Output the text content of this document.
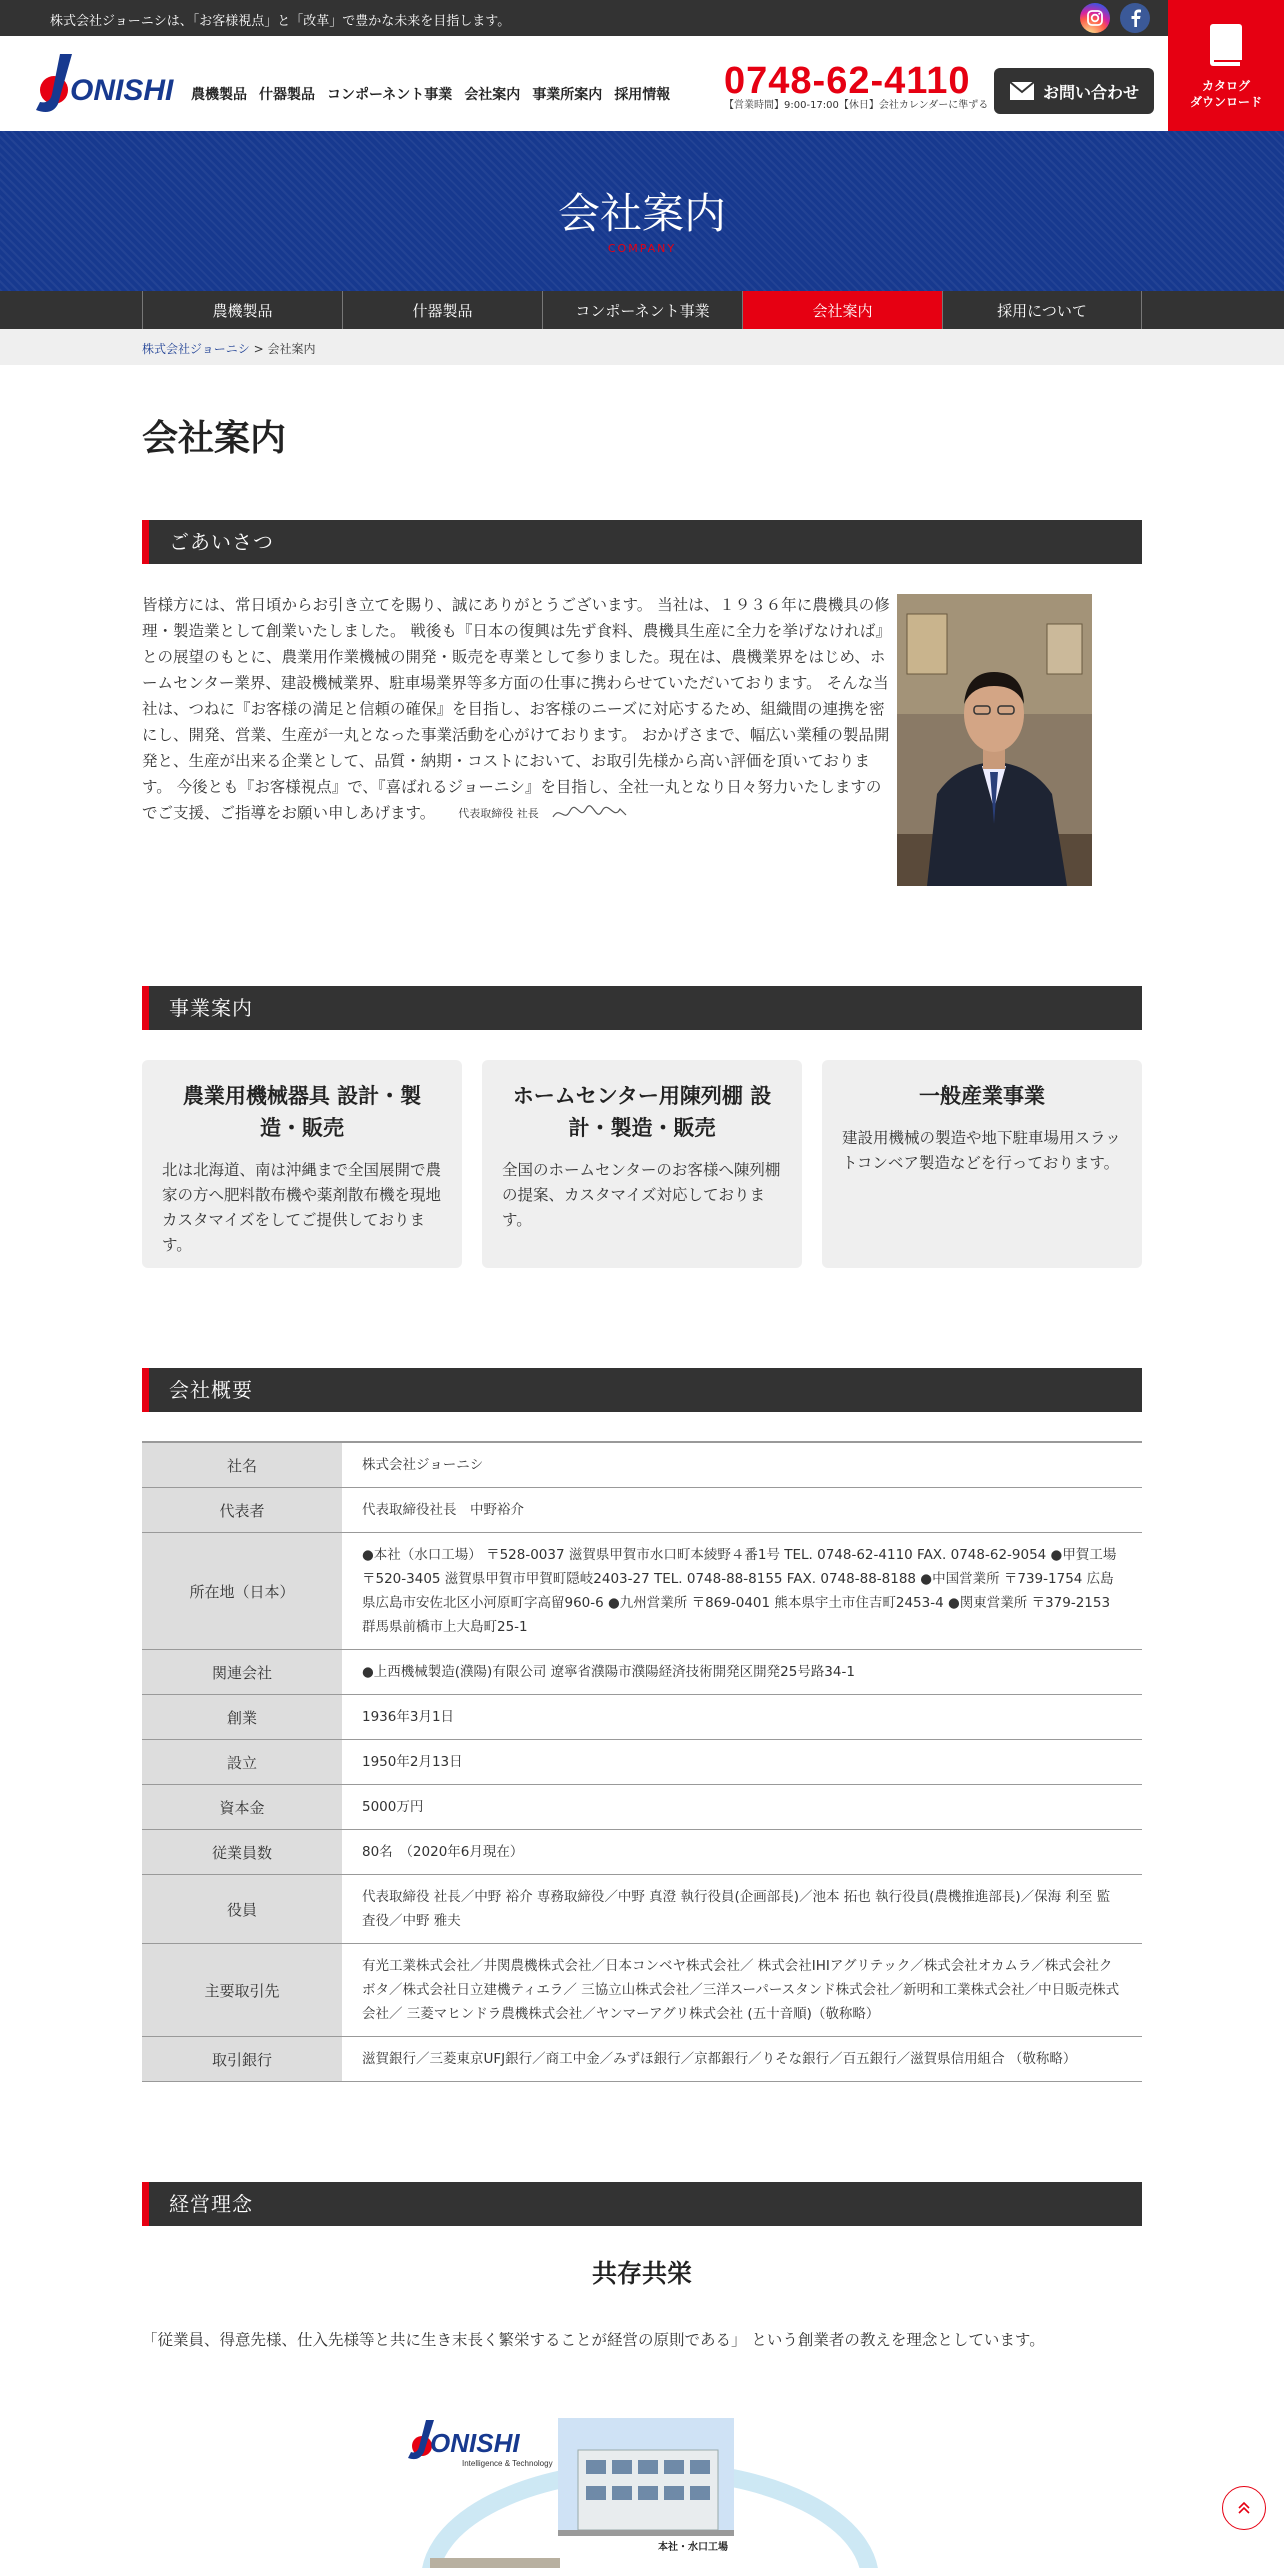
株式会社ジョーニシは、「お客様視点」と「改革」で豊かな未来を目指します。
ONISHI 農機製品 什器製品 コンポーネント事業 会社案内 事業所案内 採用情報 0748-62-4110
【営業時間】9:00-17:00【休日】会社カレンダーに準ずる
お問い合わせ	カタログ
ダウンロード
会社案内
COMPANY
農機製品	什器製品	コンポーネント事業	会社案内	採用について
株式会社ジョーニシ > 会社案内
会社案内
ごあいさつ
皆様方には、常日頃からお引き立てを賜り、誠にありがとうございます。 当社は、１９３６年に農機具の修理・製造業として創業いたしました。 戦後も『日本の復興は先ず食料、農機具生産に全力を挙げなければ』との展望のもとに、農業用作業機械の開発・販売を専業として参りました。現在は、農機業界をはじめ、ホームセンター業界、建設機械業界、駐車場業界等多方面の仕事に携わらせていただいております。 そんな当社は、つねに『お客様の満足と信頼の確保』を目指し、お客様のニーズに対応するため、組織間の連携を密にし、開発、営業、生産が一丸となった事業活動を心がけております。 おかげさまで、幅広い業種の製品開発と、生産が出来る企業として、品質・納期・コストにおいて、お取引先様から高い評価を頂いております。 今後とも『お客様視点』で、『喜ばれるジョーニシ』を目指し、全社一丸となり日々努力いたしますのでご支援、ご指導をお願い申しあげます。 代表取締役 社長
事業案内
農業用機械器具 設計・製造・販売

北は北海道、南は沖縄まで全国展開で農家の方へ肥料散布機や薬剤散布機を現地カスタマイズをしてご提供しております。

ホームセンター用陳列棚 設計・製造・販売

全国のホームセンターのお客様へ陳列棚の提案、カスタマイズ対応しております。

一般産業事業

建設用機械の製造や地下駐車場用スラットコンベア製造などを行っております。

会社概要
社名	株式会社ジョーニシ
代表者	代表取締役社長　中野裕介
所在地（日本）	●本社（水口工場） 〒528-0037 滋賀県甲賀市水口町本綾野４番1号 TEL. 0748-62-4110 FAX. 0748-62-9054 ●甲賀工場 〒520-3405 滋賀県甲賀市甲賀町隠岐2403-27 TEL. 0748-88-8155 FAX. 0748-88-8188 ●中国営業所 〒739-1754 広島県広島市安佐北区小河原町字高留960-6 ●九州営業所 〒869-0401 熊本県宇土市住吉町2453-4 ●関東営業所 〒379-2153 群馬県前橋市上大島町25-1
関連会社	●上西機械製造(濮陽)有限公司 遼寧省濮陽市濮陽経済技術開発区開発25号路34-1
創業	1936年3月1日
設立	1950年2月13日
資本金	5000万円
従業員数	80名　（2020年6月現在）
役員	代表取締役 社長／中野 裕介 専務取締役／中野 真澄 執行役員(企画部長)／池本 拓也 執行役員(農機推進部長)／保海 利至 監査役／中野 雅夫
主要取引先	有光工業株式会社／井関農機株式会社／日本コンベヤ株式会社／ 株式会社IHIアグリテック／株式会社オカムラ／株式会社クボタ／株式会社日立建機ティエラ／ 三協立山株式会社／三洋スーパースタンド株式会社／新明和工業株式会社／中日販売株式会社／ 三菱マヒンドラ農機株式会社／ヤンマーアグリ株式会社 (五十音順)（敬称略）
取引銀行	滋賀銀行／三菱東京UFJ銀行／商工中金／みずほ銀行／京都銀行／りそな銀行／百五銀行／滋賀県信用組合 （敬称略）
経営理念
共存共栄
「従業員、得意先様、仕入先様等と共に生き末長く繁栄することが経営の原則である」 という創業者の教えを理念としています。
ONISHI
Intelligence & Technology
本社・水口工場
